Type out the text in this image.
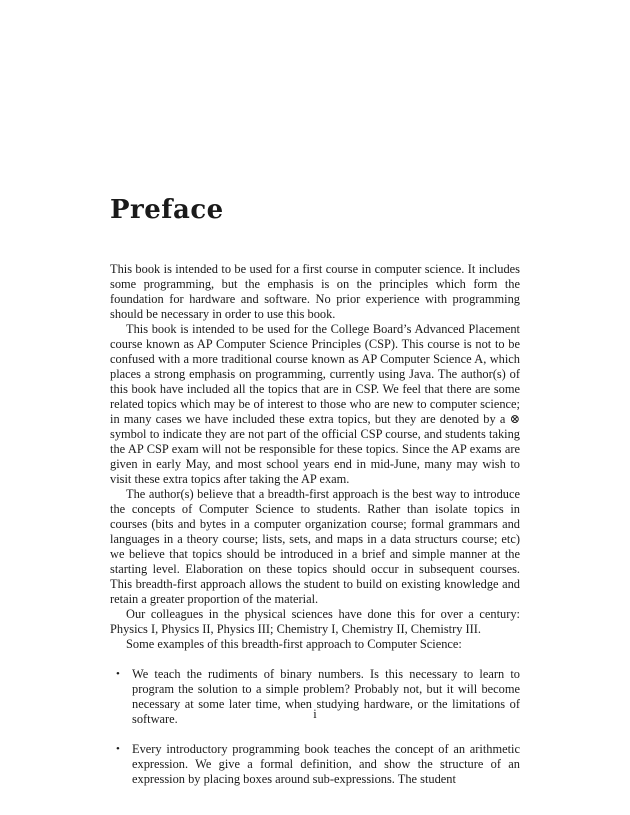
Preface

This book is intended to be used for a first course in computer science. It includes some programming, but the emphasis is on the principles which form the foundation for hardware and software. No prior experience with programming should be necessary in order to use this book.

This book is intended to be used for the College Board’s Advanced Placement course known as AP Computer Science Principles (CSP). This course is not to be confused with a more traditional course known as AP Computer Science A, which places a strong emphasis on programming, currently using Java. The author(s) of this book have included all the topics that are in CSP. We feel that there are some related topics which may be of interest to those who are new to computer science; in many cases we have included these extra topics, but they are denoted by a ⊗ symbol to indicate they are not part of the official CSP course, and students taking the AP CSP exam will not be responsible for these topics. Since the AP exams are given in early May, and most school years end in mid-June, many may wish to visit these extra topics after taking the AP exam.

The author(s) believe that a breadth-first approach is the best way to introduce the concepts of Computer Science to students. Rather than isolate topics in courses (bits and bytes in a computer organization course; formal grammars and languages in a theory course; lists, sets, and maps in a data structurs course; etc) we believe that topics should be introduced in a brief and simple manner at the starting level. Elaboration on these topics should occur in subsequent courses. This breadth-first approach allows the student to build on existing knowledge and retain a greater proportion of the material.

Our colleagues in the physical sciences have done this for over a century: Physics I, Physics II, Physics III; Chemistry I, Chemistry II, Chemistry III.

Some examples of this breadth-first approach to Computer Science:

• We teach the rudiments of binary numbers. Is this necessary to learn to program the solution to a simple problem? Probably not, but it will become necessary at some later time, when studying hardware, or the limitations of software.
• Every introductory programming book teaches the concept of an arithmetic expression. We give a formal definition, and show the structure of an expression by placing boxes around sub-expressions. The student
i
